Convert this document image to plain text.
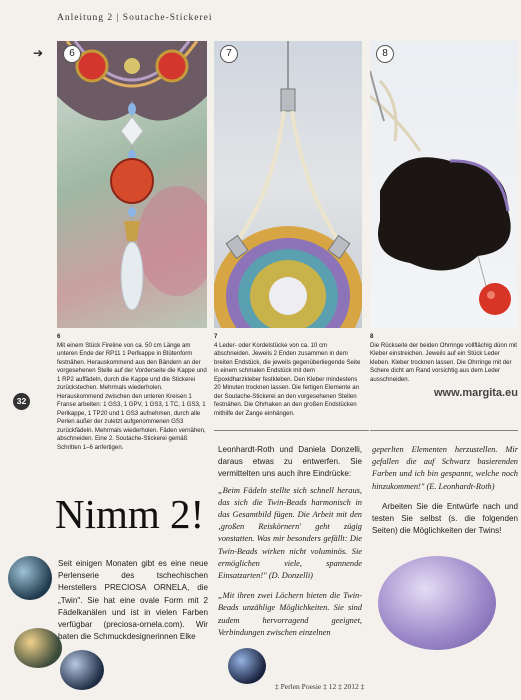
Anleitung 2 | Soutache-Stickerei
➔	6	7	8
6
Mit einem Stück Fireline von ca. 50 cm Länge am unteren Ende der RP11 1 Perlkappe in Blütenform festnähen. Herauskommend aus den Bändern an der vorgesehenen Stelle auf der Vorderseite die Kappe und 1 RP2 auffädeln, durch die Kappe und die Stickerei zurückstechen. Mehrmals wiederholen. Herauskommend zwischen den unteren Kreisen 1 Franse arbeiten: 1 GS3, 1 GPV, 1 GS3, 1 TC, 1 GS3, 1 Perlkappe, 1 TP20 und 1 GS3 aufnehmen, durch alle Perlen außer der zuletzt aufgenommenen GS3 zurückfädeln. Mehrmals wiederholen. Fäden vernähen, abschneiden. Eine 2. Soutache-Stickerei gemäß Schritten 1–6 anfertigen.
7
4 Leder- oder Kordelstücke von ca. 10 cm abschneiden. Jeweils 2 Enden zusammen in dem breiten Endstück, die jeweils gegenüberliegende Seite in einem schmalen Endstück mit dem Epoxidharzkleber festkleben. Den Kleber mindestens 20 Minuten trocknen lassen. Die fertigen Elemente an der Soutache-Stickerei an den vorgesehenen Stellen festnähen. Die Ohrhaken an den großen Endstücken mithilfe der Zange einhängen.
8
Die Rückseite der beiden Ohrringe vollflächig dünn mit Kleber einstreichen. Jeweils auf ein Stück Leder kleben. Kleber trocknen lassen. Die Ohrringe mit der Schere dicht am Rand vorsichtig aus dem Leder ausschneiden.
32
www.margita.eu
Nimm 2!
Seit einigen Monaten gibt es eine neue Perlenserie des tschechischen Herstellers PRECIOSA ORNELA, die „Twin". Sie hat eine ovale Form mit 2 Fädelkanälen und ist in vielen Farben verfügbar (preciosa-ornela.com). Wir baten die Schmuckdesignerinnen Elke
Leonhardt-Roth und Daniela Donzelli, daraus etwas zu entwerfen. Sie vermittelten uns auch ihre Eindrücke:
„Beim Fädeln stellte sich schnell heraus, das sich die Twin-Beads harmonisch in das Gesamtbild fügen. Die Arbeit mit den ‚großen Reiskörnern' geht zügig vonstatten. Was mir besonders gefällt: Die Twin-Beads wirken nicht voluminös. Sie ermöglichen viele, spannende Einsatzarten!" (D. Donzelli)
„Mit ihren zwei Löchern bieten die Twin-Beads unzählige Möglichkeiten. Sie sind zudem hervorragend geeignet, Verbindungen zwischen einzelnen
geperlten Elementen herzustellen. Mir gefallen die auf Schwarz basierenden Farben und ich bin gespannt, welche noch hinzukommen!" (E. Leonhardt-Roth)
Arbeiten Sie die Entwürfe nach und testen Sie selbst (s. die folgenden Seiten) die Möglichkeiten der Twins!
‡ Perlen Poesie ‡ 12 ‡ 2012 ‡
